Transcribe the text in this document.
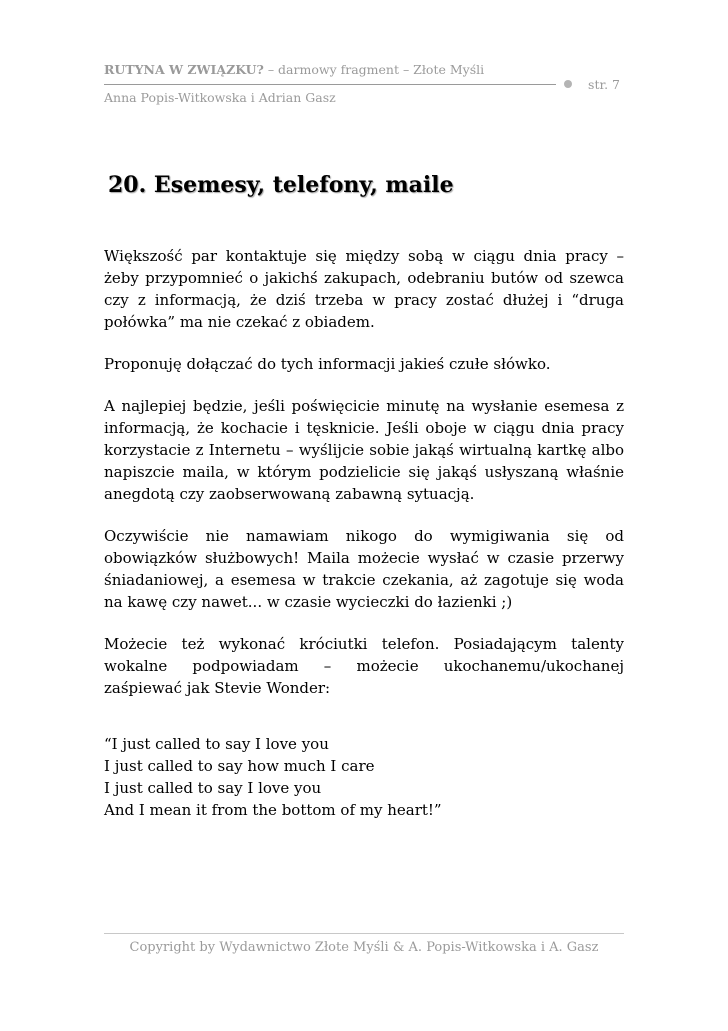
RUTYNA W ZWIĄZKU? – darmowy fragment – Złote Myśli
str. 7
Anna Popis-Witkowska i Adrian Gasz
20. Esemesy, telefony, maile

Większość par kontaktuje się między sobą w ciągu dnia pracy – żeby przypomnieć o jakichś zakupach, odebraniu butów od szewca czy z informacją, że dziś trzeba w pracy zostać dłużej i “druga połówka” ma nie czekać z obiadem.

Proponuję dołączać do tych informacji jakieś czułe słówko.

A najlepiej będzie, jeśli poświęcicie minutę na wysłanie esemesa z informacją, że kochacie i tęsknicie. Jeśli oboje w ciągu dnia pracy korzystacie z Internetu – wyślijcie sobie jakąś wirtualną kartkę albo napiszcie maila, w którym podzielicie się jakąś usłyszaną właśnie anegdotą czy zaobserwowaną zabawną sytuacją.

Oczywiście nie namawiam nikogo do wymigiwania się od obowiązków służbowych! Maila możecie wysłać w czasie przerwy śniadaniowej, a esemesa w trakcie czekania, aż zagotuje się woda na kawę czy nawet... w czasie wycieczki do łazienki ;)

Możecie też wykonać króciutki telefon. Posiadającym talenty wokalne podpowiadam – możecie ukochanemu/ukochanej zaśpiewać jak Stevie Wonder:

“I just called to say I love you
I just called to say how much I care
I just called to say I love you
And I mean it from the bottom of my heart!”
Copyright by Wydawnictwo Złote Myśli & A. Popis-Witkowska i A. Gasz
